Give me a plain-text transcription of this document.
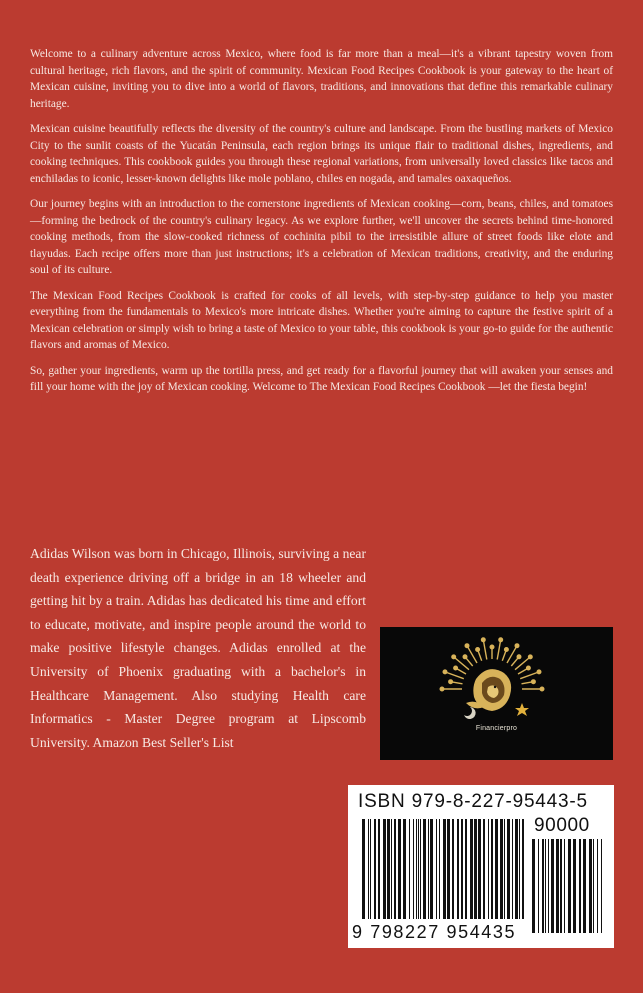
Welcome to a culinary adventure across Mexico, where food is far more than a meal—it's a vibrant tapestry woven from cultural heritage, rich flavors, and the spirit of community. Mexican Food Recipes Cookbook is your gateway to the heart of Mexican cuisine, inviting you to dive into a world of flavors, traditions, and innovations that define this remarkable culinary heritage.

Mexican cuisine beautifully reflects the diversity of the country's culture and landscape. From the bustling markets of Mexico City to the sunlit coasts of the Yucatán Peninsula, each region brings its unique flair to traditional dishes, ingredients, and cooking techniques. This cookbook guides you through these regional variations, from universally loved classics like tacos and enchiladas to iconic, lesser-known delights like mole poblano, chiles en nogada, and tamales oaxaqueños.

Our journey begins with an introduction to the cornerstone ingredients of Mexican cooking—corn, beans, chiles, and tomatoes—forming the bedrock of the country's culinary legacy. As we explore further, we'll uncover the secrets behind time-honored cooking methods, from the slow-cooked richness of cochinita pibil to the irresistible allure of street foods like elote and tlayudas. Each recipe offers more than just instructions; it's a celebration of Mexican traditions, creativity, and the enduring soul of its culture.

The Mexican Food Recipes Cookbook is crafted for cooks of all levels, with step-by-step guidance to help you master everything from the fundamentals to Mexico's more intricate dishes. Whether you're aiming to capture the festive spirit of a Mexican celebration or simply wish to bring a taste of Mexico to your table, this cookbook is your go-to guide for the authentic flavors and aromas of Mexico.

So, gather your ingredients, warm up the tortilla press, and get ready for a flavorful journey that will awaken your senses and fill your home with the joy of Mexican cooking. Welcome to The Mexican Food Recipes Cookbook —let the fiesta begin!

Adidas Wilson was born in Chicago, Illinois, surviving a near death experience driving off a bridge in an 18 wheeler and getting hit by a train. Adidas has dedicated his time and effort to educate, motivate, and inspire people around the world to make positive lifestyle changes. Adidas enrolled at the University of Phoenix graduating with a bachelor's in Healthcare Management. Also studying Health care Informatics - Master Degree program at Lipscomb University. Amazon Best Seller's List
Financierpro
ISBN 979-8-227-95443-5
90000
9 798227 954435
